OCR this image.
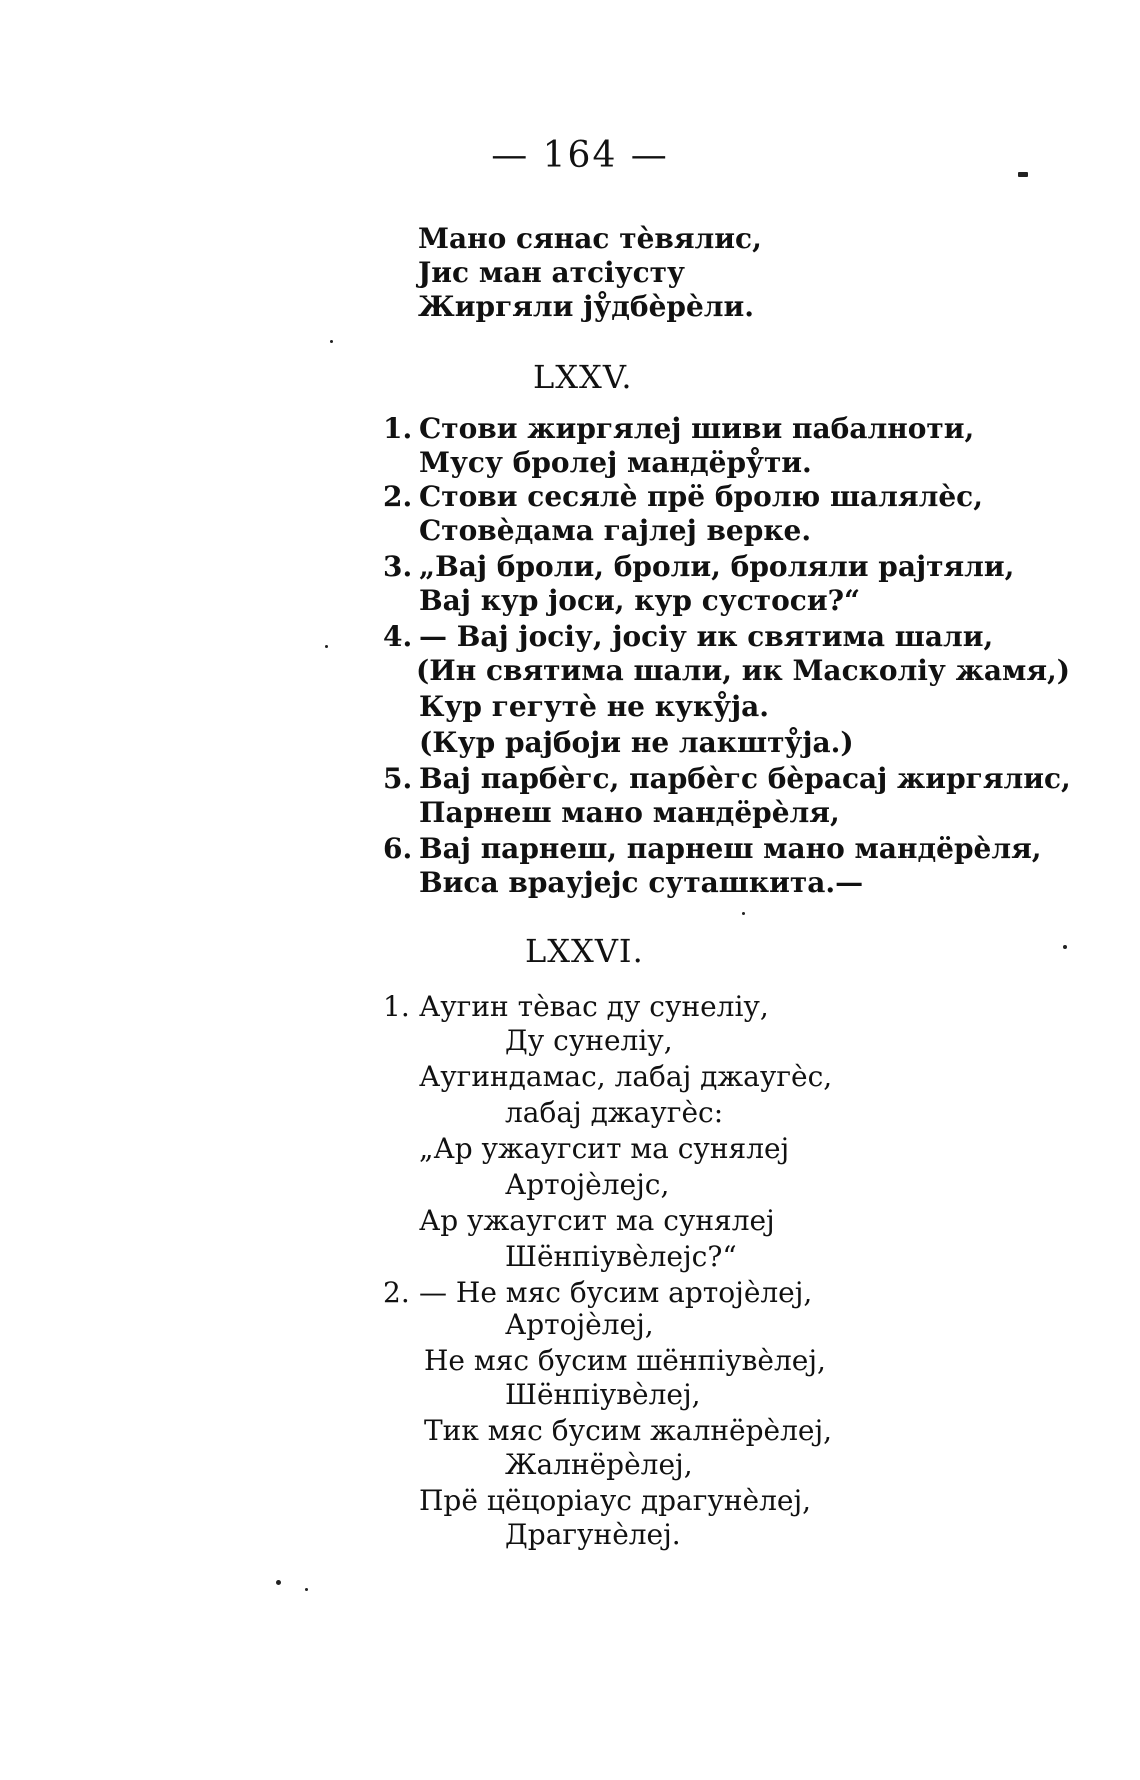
— 164 —
Мано сянас тѐвялис,
Јис ман атсіусту
Жиргяли ју̊дбѐрѐли.
LXXV.
1. Стови жиргялеј шиви пабалноти,
Мусу бролеј мандёру̊ти.
2. Стови сесялѐ прё бролю шалялѐс,
Стовѐдама гајлеј верке.
3. „Вај броли, броли, броляли рајтяли,
Вај кур јоси, кур сустоси?“
4. — Вај јосіу, јосіу ик святима шали,
(Ин святима шали, ик Масколіу жамя,)
Кур гегутѐ не куку̊ја.
(Кур рајбоји не лакшту̊ја.)
5. Вај парбѐгс, парбѐгс бѐрасај жиргялис,
Парнеш мано мандёрѐля,
6. Вај парнеш, парнеш мано мандёрѐля,
Виса враујејс суташкита.—
LXXVI.
1. Аугин тѐвас ду сунеліу,
Ду сунеліу,
Аугиндамас, лабај джаугѐс,
лабај джаугѐс:
„Ар ужаугсит ма сунялеј
Артојѐлејс,
Ар ужаугсит ма сунялеј
Шёнпіувѐлејс?“
2. — Не мяс бусим артојѐлеј,
Артојѐлеј,
Не мяс бусим шёнпіувѐлеј,
Шёнпіувѐлеј,
Тик мяс бусим жалнёрѐлеј,
Жалнёрѐлеј,
Прё цёцоріаус драгунѐлеј,
Драгунѐлеј.
